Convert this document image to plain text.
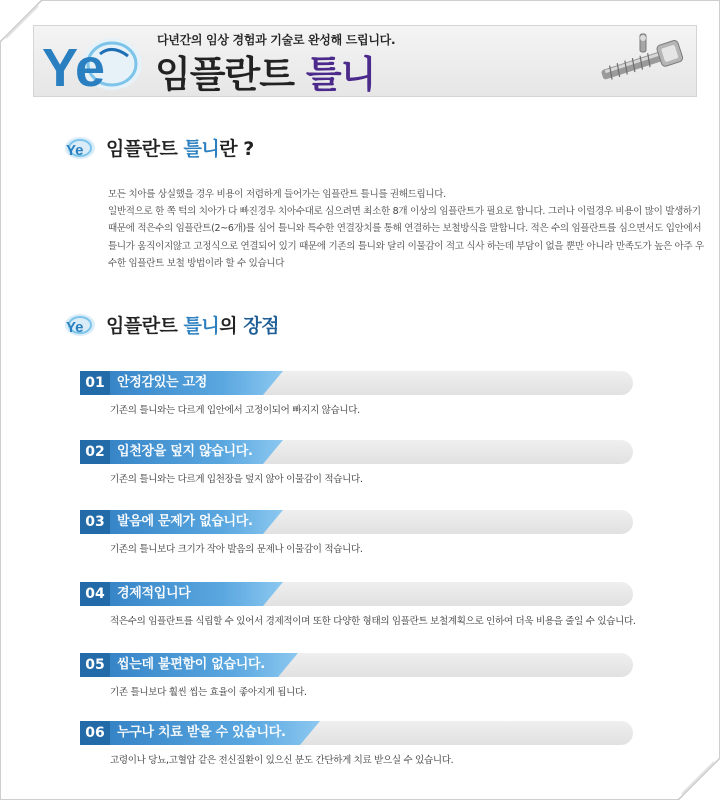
Ye	다년간의 임상 경험과 기술로 완성해 드립니다.
임플란트 틀니
Ye 임플란트 틀니란 ?

모든 치아를 상실했을 경우 비용이 저렴하게 들어가는 임플란트 틀니를 권해드립니다.

일반적으로 한 쪽 턱의 치아가 다 빠진경우 치아수대로 심으려면 최소한 8개 이상의 임플란트가 필요로 합니다. 그러나 이럴경우 비용이 많이 발생하기 때문에 적은수의 임플란트(2~6개)를 심어 틀니와 특수한 연결장치를 통해 연결하는 보철방식을 말합니다. 적은 수의 임플란트를 심으면서도 입안에서 틀니가 움직이지않고 고정식으로 연결되어 있기 때문에 기존의 틀니와 달리 이물감이 적고 식사 하는데 부담이 없을 뿐만 아니라 만족도가 높은 아주 우수한 임플란트 보철 방법이라 할 수 있습니다

Ye 임플란트 틀니의 장점
01 안정감있는 고정
기존의 틀니와는 다르게 입안에서 고정이되어 빠지지 않습니다.
02 입천장을 덮지 않습니다.
기존의 틀니와는 다르게 입천장을 덮지 않아 이물감이 적습니다.
03 발음에 문제가 없습니다.
기존의 틀니보다 크기가 작아 발음의 문제나 이물감이 적습니다.
04 경제적입니다
적은수의 임플란트를 식립할 수 있어서 경제적이며 또한 다양한 형태의 임플란트 보철계획으로 인하여 더욱 비용을 줄일 수 있습니다.
05 씹는데 불편함이 없습니다.
기존 틀니보다 훨씬 씹는 효율이 좋아지게 됩니다.
06 누구나 치료 받을 수 있습니다.
고령이나 당뇨,고혈압 같은 전신질환이 있으신 분도 간단하게 치료 받으실 수 있습니다.
